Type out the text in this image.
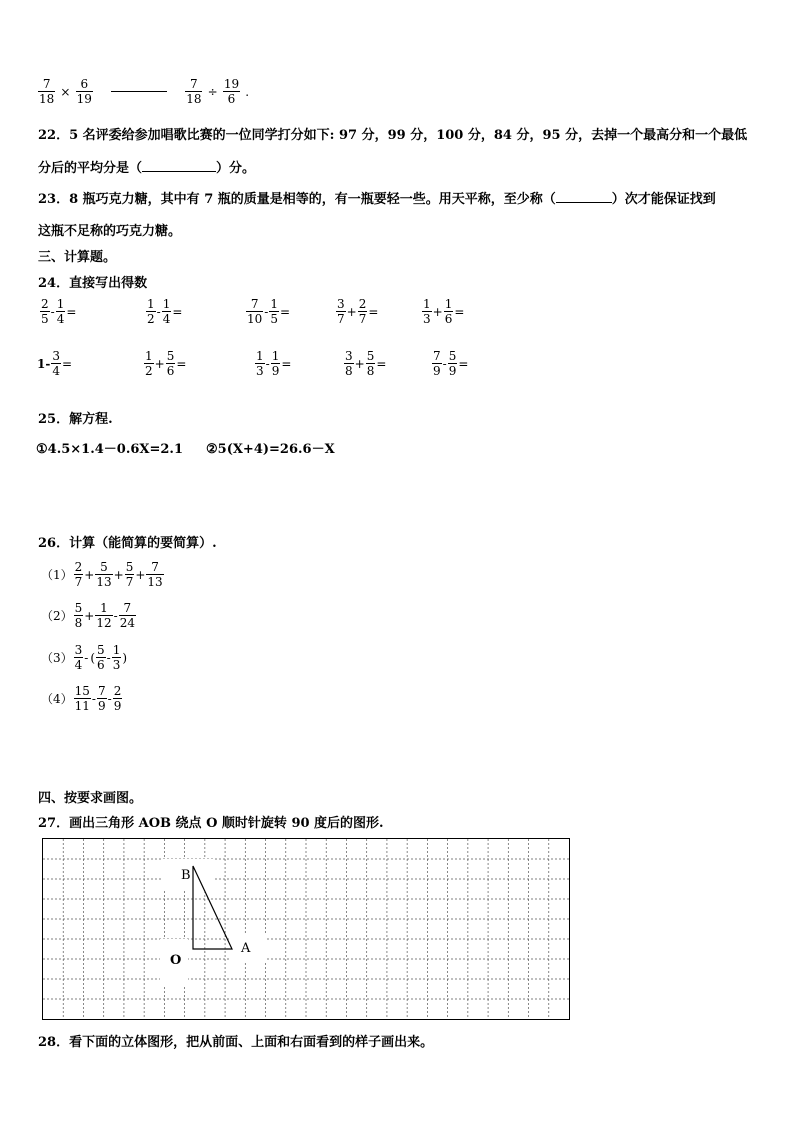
$\frac{7}{18} \times \frac{6}{19}$
	$\frac{7}{18} \div \frac{19}{6}$ .
22．5 名评委给参加唱歌比赛的一位同学打分如下: 97 分，99 分，100 分，84 分，95 分，去掉一个最高分和一个最低
分后的平均分是（	）分。
23．8 瓶巧克力糖，其中有 7 瓶的质量是相等的，有一瓶要轻一些。用天平称，至少称（	）次才能保证找到
这瓶不足称的巧克力糖。
三、计算题。
24．直接写出得数
$\frac{2}{5} - \frac{1}{4}$ =	$\frac{1}{2} - \frac{1}{4}$ =	$\frac{7}{10} - \frac{1}{5}$ =	$\frac{3}{7} + \frac{2}{7}$ =	$\frac{1}{3} + \frac{1}{6}$ =
$1- \frac{3}{4}$ =	$\frac{1}{2} + \frac{5}{6}$ =	$\frac{1}{3} - \frac{1}{9}$ =	$\frac{3}{8} + \frac{5}{8}$ =	$\frac{7}{9} - \frac{5}{9}$ =
25．解方程.
①4.5×1.4－0.6X=2.1 ②5(X+4)=26.6－X
26．计算（能简算的要简算）.
$(1) \frac{2}{7} + \frac{5}{13} + \frac{5}{7} + \frac{7}{13}$
$(2) \frac{5}{8} + \frac{1}{12} - \frac{7}{24}$
$(3) \frac{3}{4}$ - ( $\frac{5}{6} - \frac{1}{3}$ )
$(4) \frac{15}{11} - \frac{7}{9} - \frac{2}{9}$
四、按要求画图。
27．画出三角形 AOB 绕点 O 顺时针旋转 90 度后的图形.
B
A
O
28．看下面的立体图形，把从前面、上面和右面看到的样子画出来。
